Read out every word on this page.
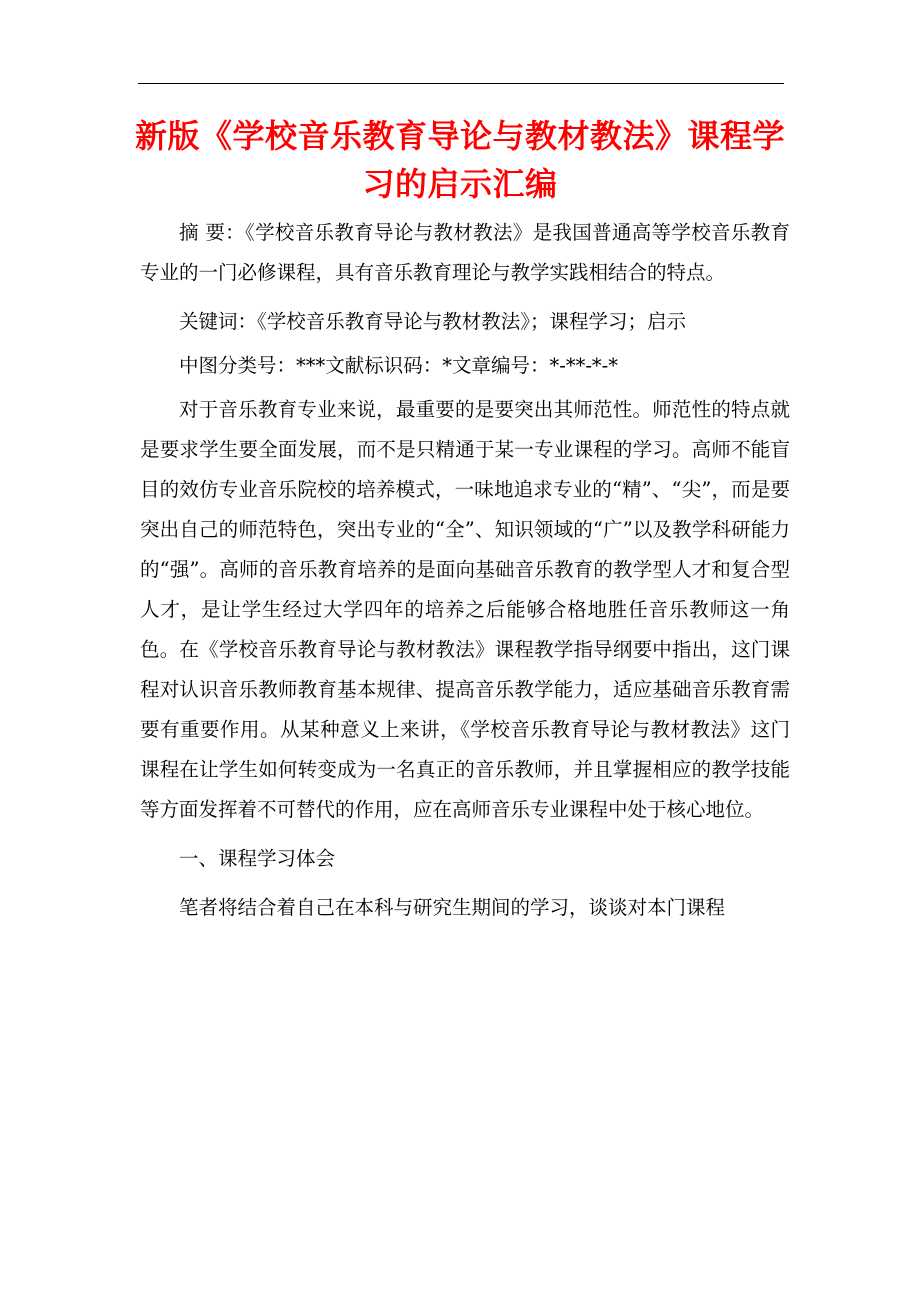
新版《学校音乐教育导论与教材教法》课程学习的启示汇编

摘 要：《学校音乐教育导论与教材教法》是我国普通高等学校音乐教育专业的一门必修课程，具有音乐教育理论与教学实践相结合的特点。

关键词：《学校音乐教育导论与教材教法》；课程学习；启示

中图分类号：***文献标识码：*文章编号：*-**-*-*

对于音乐教育专业来说，最重要的是要突出其师范性。师范性的特点就是要求学生要全面发展，而不是只精通于某一专业课程的学习。高师不能盲目的效仿专业音乐院校的培养模式，一味地追求专业的“精”、“尖”，而是要突出自己的师范特色，突出专业的“全”、知识领域的“广”以及教学科研能力的“强”。高师的音乐教育培养的是面向基础音乐教育的教学型人才和复合型人才，是让学生经过大学四年的培养之后能够合格地胜任音乐教师这一角色。在《学校音乐教育导论与教材教法》课程教学指导纲要中指出，这门课程对认识音乐教师教育基本规律、提高音乐教学能力，适应基础音乐教育需要有重要作用。从某种意义上来讲，《学校音乐教育导论与教材教法》这门课程在让学生如何转变成为一名真正的音乐教师，并且掌握相应的教学技能等方面发挥着不可替代的作用，应在高师音乐专业课程中处于核心地位。

一、课程学习体会

笔者将结合着自己在本科与研究生期间的学习，谈谈对本门课程
